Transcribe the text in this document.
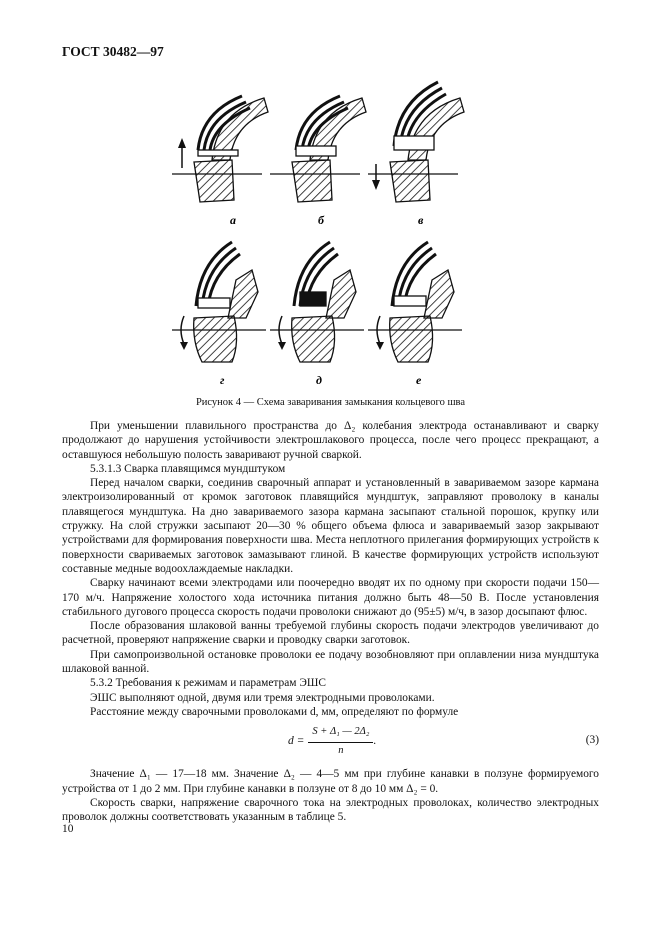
ГОСТ 30482—97
а	б	в
г	д	е
Рисунок 4 — Схема заваривания замыкания кольцевого шва

При уменьшении плавильного пространства до Δ₂ колебания электрода останавливают и сварку продолжают до нарушения устойчивости электрошлакового процесса, после чего процесс прекращают, а оставшуюся небольшую полость заваривают ручной сваркой.

5.3.1.3 Сварка плавящимся мундштуком

Перед началом сварки, соединив сварочный аппарат и установленный в завариваемом зазоре кармана электроизолированный от кромок заготовок плавящийся мундштук, заправляют проволоку в каналы плавящегося мундштука. На дно завариваемого зазора кармана засыпают стальной порошок, крупку или стружку. На слой стружки засыпают 20—30 % общего объема флюса и завариваемый зазор закрывают устройствами для формирования поверхности шва. Места неплотного прилегания формирующих устройств к поверхности свариваемых заготовок замазывают глиной. В качестве формирующих устройств используют составные медные водоохлаждаемые накладки.

Сварку начинают всеми электродами или поочередно вводят их по одному при скорости подачи 150—170 м/ч. Напряжение холостого хода источника питания должно быть 48—50 В. После установления стабильного дугового процесса скорость подачи проволоки снижают до (95±5) м/ч, в зазор досыпают флюс.

После образования шлаковой ванны требуемой глубины скорость подачи электродов увеличивают до расчетной, проверяют напряжение сварки и проводку сварки заготовок.

При самопроизвольной остановке проволоки ее подачу возобновляют при оплавлении низа мундштука шлаковой ванной.

5.3.2 Требования к режимам и параметрам ЭШС

ЭШС выполняют одной, двумя или тремя электродными проволоками.

Расстояние между сварочными проволоками d, мм, определяют по формуле

$d = \frac{\text{S + Δ₁ — 2Δ₂}}{n}$ .	(3)

Значение Δ₁ — 17—18 мм. Значение Δ₂ — 4—5 мм при глубине канавки в ползуне формируемого устройства от 1 до 2 мм. При глубине канавки в ползуне от 8 до 10 мм Δ₂ = 0.

Скорость сварки, напряжение сварочного тока на электродных проволоках, количество электродных проволок должны соответствовать указанным в таблице 5.

10
